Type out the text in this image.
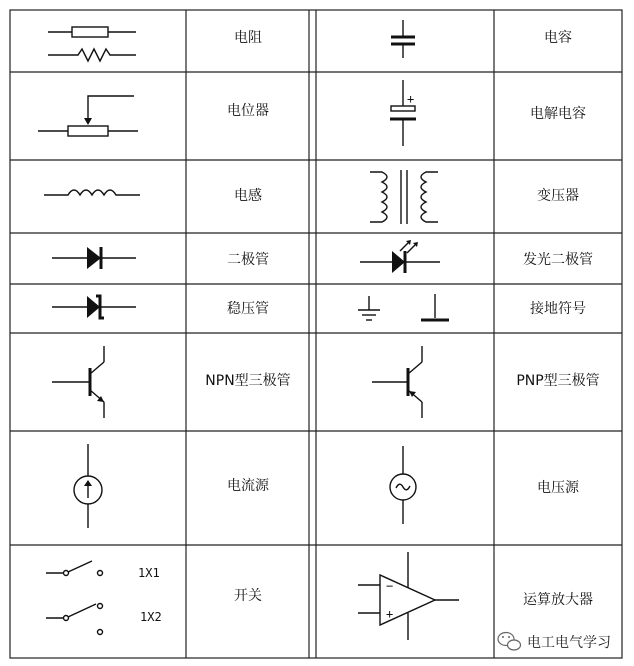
电阻	电容
电位器	电解电容
电感	变压器
二极管	发光二极管
稳压管	接地符号
NPN型三极管	PNP型三极管
电流源	电压源
开关	运算放大器
+
1X1
1X2
−
+
电工电气学习
